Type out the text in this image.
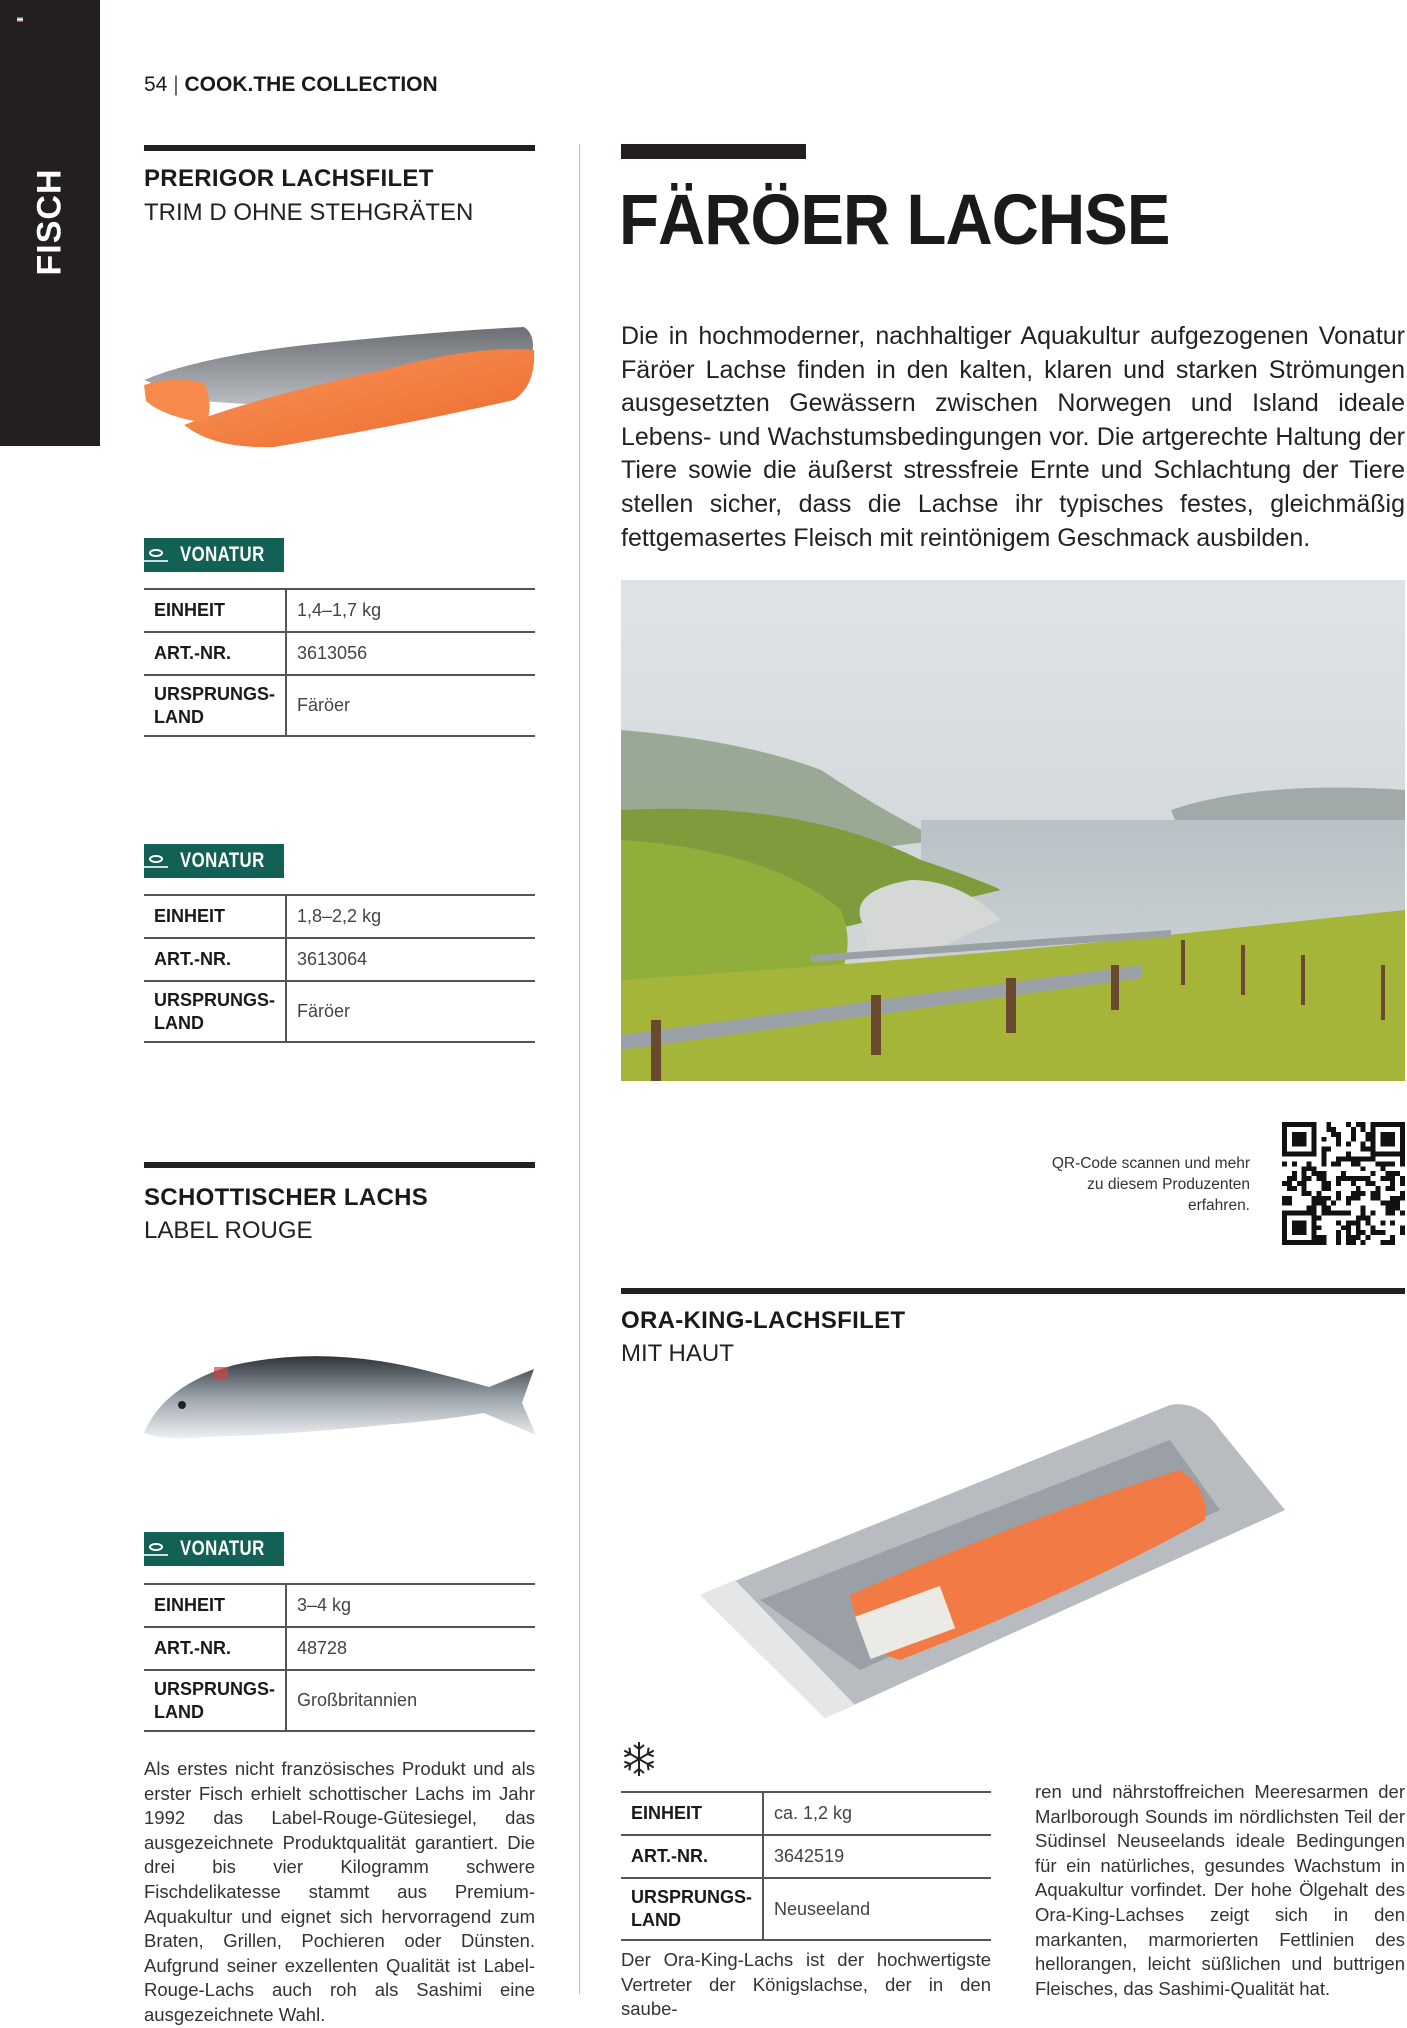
FISCH
54 | COOK.THE COLLECTION
PRERIGOR LACHSFILET
TRIM D OHNE STEHGRÄTEN
VONATUR
EINHEIT	1,4–1,7 kg
ART.-NR.	3613056
URSPRUNGS-
LAND	Färöer
VONATUR
EINHEIT	1,8–2,2 kg
ART.-NR.	3613064
URSPRUNGS-
LAND	Färöer
SCHOTTISCHER LACHS
LABEL ROUGE
VONATUR
EINHEIT	3–4 kg
ART.-NR.	48728
URSPRUNGS-
LAND	Großbritannien
Als erstes nicht französisches Produkt und als erster Fisch erhielt schottischer Lachs im Jahr 1992 das Label-Rouge-Gütesiegel, das ausgezeichnete Produktqualität garantiert. Die drei bis vier Kilogramm schwere Fischdelikatesse stammt aus Premium-Aquakultur und eignet sich hervorragend zum Braten, Grillen, Pochieren oder Dünsten. Aufgrund seiner exzellenten Qualität ist Label-Rouge-Lachs auch roh als Sashimi eine ausgezeichnete Wahl.
FÄRÖER LACHSE
Die in hochmoderner, nachhaltiger Aquakultur aufgezogenen Vonatur Färöer Lachse finden in den kalten, klaren und starken Strömungen ausgesetzten Gewässern zwischen Norwegen und Island ideale Lebens- und Wachstumsbedingungen vor. Die artgerechte Haltung der Tiere sowie die äußerst stressfreie Ernte und Schlachtung der Tiere stellen sicher, dass die Lachse ihr typisches festes, gleichmäßig fettgemasertes Fleisch mit reintönigem Geschmack ausbilden.
QR-Code scannen und mehr zu diesem Produzenten erfahren.
ORA-KING-LACHSFILET
MIT HAUT
EINHEIT	ca. 1,2 kg
ART.-NR.	3642519
URSPRUNGS-
LAND	Neuseeland
Der Ora-King-Lachs ist der hochwertigste Vertreter der Königslachse, der in den saube-
ren und nährstoffreichen Meeresarmen der Marlborough Sounds im nördlichsten Teil der Südinsel Neuseelands ideale Bedingungen für ein natürliches, gesundes Wachstum in Aquakultur vorfindet. Der hohe Ölgehalt des Ora-King-Lachses zeigt sich in den markanten, marmorierten Fettlinien des hellorangen, leicht süßlichen und buttrigen Fleisches, das Sashimi-Qualität hat.
